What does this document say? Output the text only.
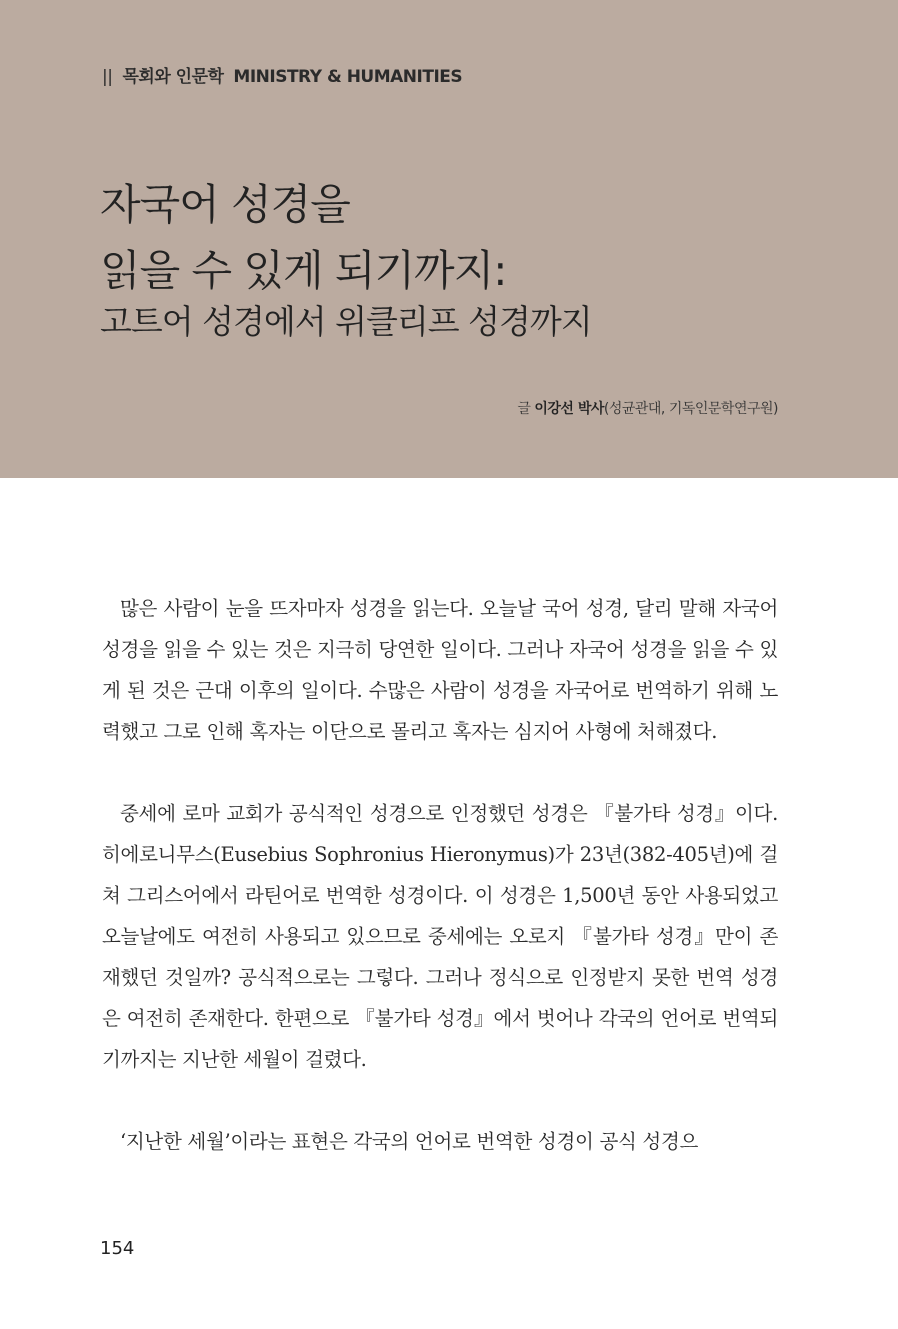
|| 목회와 인문학 MINISTRY & HUMANITIES
자국어 성경을
읽을 수 있게 되기까지:
고트어 성경에서 위클리프 성경까지
글 이강선 박사(성균관대, 기독인문학연구원)

많은 사람이 눈을 뜨자마자 성경을 읽는다. 오늘날 국어 성경, 달리 말해 자국어 성경을 읽을 수 있는 것은 지극히 당연한 일이다. 그러나 자국어 성경을 읽을 수 있게 된 것은 근대 이후의 일이다. 수많은 사람이 성경을 자국어로 번역하기 위해 노력했고 그로 인해 혹자는 이단으로 몰리고 혹자는 심지어 사형에 처해졌다.

중세에 로마 교회가 공식적인 성경으로 인정했던 성경은 『불가타 성경』이다. 히에로니무스(Eusebius Sophronius Hieronymus)가 23년(382-405년)에 걸쳐 그리스어에서 라틴어로 번역한 성경이다. 이 성경은 1,500년 동안 사용되었고 오늘날에도 여전히 사용되고 있으므로 중세에는 오로지 『불가타 성경』만이 존재했던 것일까? 공식적으로는 그렇다. 그러나 정식으로 인정받지 못한 번역 성경은 여전히 존재한다. 한편으로 『불가타 성경』에서 벗어나 각국의 언어로 번역되기까지는 지난한 세월이 걸렸다.

‘지난한 세월’이라는 표현은 각국의 언어로 번역한 성경이 공식 성경으

154
